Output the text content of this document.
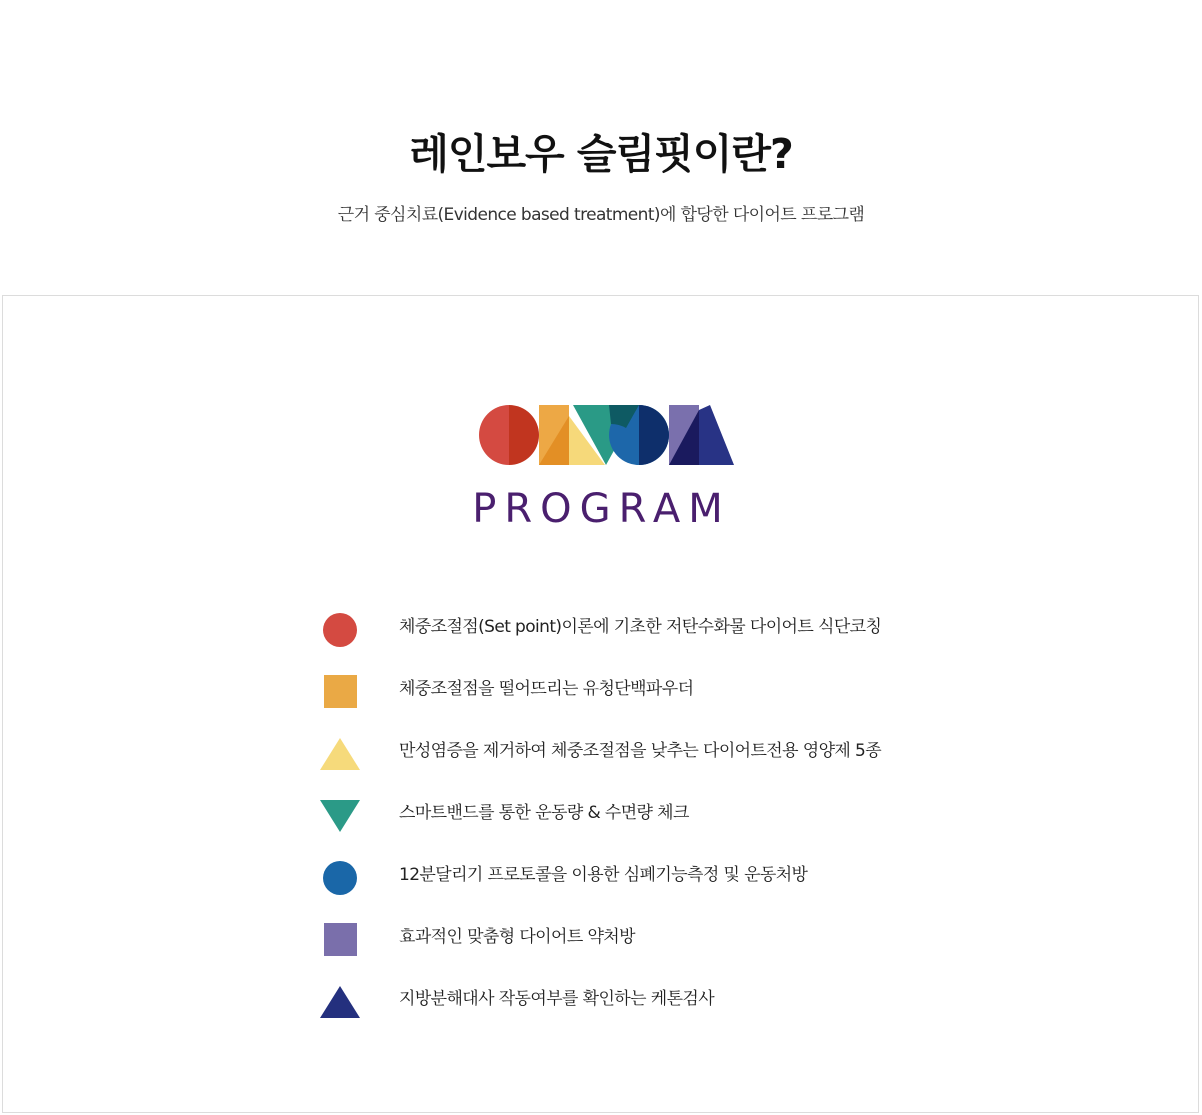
레인보우 슬림핏이란?

근거 중심치료(Evidence based treatment)에 합당한 다이어트 프로그램

PROGRAM
체중조절점(Set point)이론에 기초한 저탄수화물 다이어트 식단코칭
체중조절점을 떨어뜨리는 유청단백파우더
만성염증을 제거하여 체중조절점을 낮추는 다이어트전용 영양제 5종
스마트밴드를 통한 운동량 & 수면량 체크
12분달리기 프로토콜을 이용한 심폐기능측정 및 운동처방
효과적인 맞춤형 다이어트 약처방
지방분해대사 작동여부를 확인하는 케톤검사
